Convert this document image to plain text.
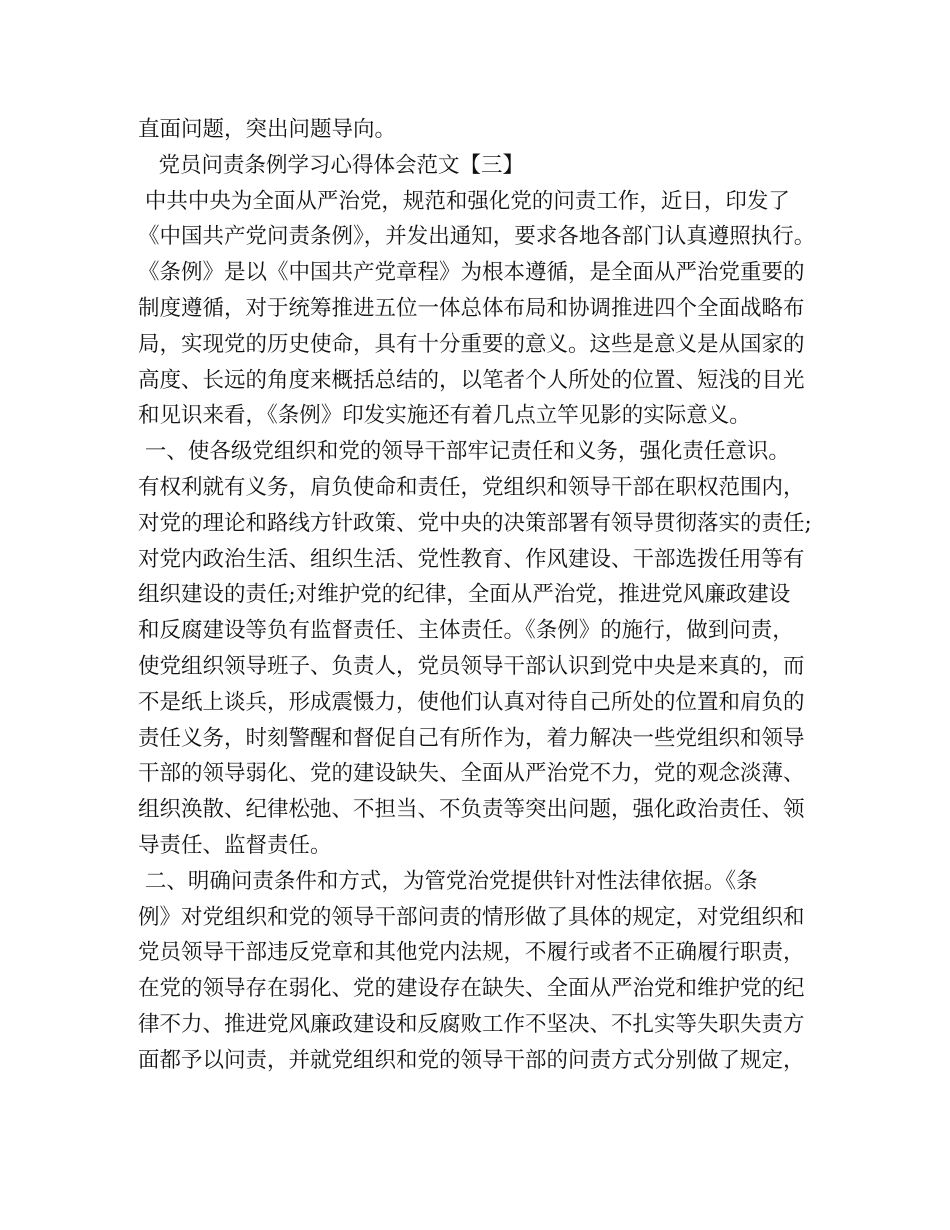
直面问题，突出问题导向。
党员问责条例学习心得体会范文【三】
中共中央为全面从严治党，规范和强化党的问责工作，近日，印发了
《中国共产党问责条例》，并发出通知，要求各地各部门认真遵照执行。
《条例》是以《中国共产党章程》为根本遵循，是全面从严治党重要的
制度遵循，对于统筹推进五位一体总体布局和协调推进四个全面战略布
局，实现党的历史使命，具有十分重要的意义。这些是意义是从国家的
高度、长远的角度来概括总结的，以笔者个人所处的位置、短浅的目光
和见识来看，《条例》印发实施还有着几点立竿见影的实际意义。
一、使各级党组织和党的领导干部牢记责任和义务，强化责任意识。
有权利就有义务，肩负使命和责任，党组织和领导干部在职权范围内，
对党的理论和路线方针政策、党中央的决策部署有领导贯彻落实的责任;
对党内政治生活、组织生活、党性教育、作风建设、干部选拨任用等有
组织建设的责任;对维护党的纪律，全面从严治党，推进党风廉政建设
和反腐建设等负有监督责任、主体责任。《条例》的施行，做到问责，
使党组织领导班子、负责人，党员领导干部认识到党中央是来真的，而
不是纸上谈兵，形成震慑力，使他们认真对待自己所处的位置和肩负的
责任义务，时刻警醒和督促自己有所作为，着力解决一些党组织和领导
干部的领导弱化、党的建设缺失、全面从严治党不力，党的观念淡薄、
组织涣散、纪律松弛、不担当、不负责等突出问题，强化政治责任、领
导责任、监督责任。
二、明确问责条件和方式，为管党治党提供针对性法律依据。《条
例》对党组织和党的领导干部问责的情形做了具体的规定，对党组织和
党员领导干部违反党章和其他党内法规，不履行或者不正确履行职责，
在党的领导存在弱化、党的建设存在缺失、全面从严治党和维护党的纪
律不力、推进党风廉政建设和反腐败工作不坚决、不扎实等失职失责方
面都予以问责，并就党组织和党的领导干部的问责方式分别做了规定，
